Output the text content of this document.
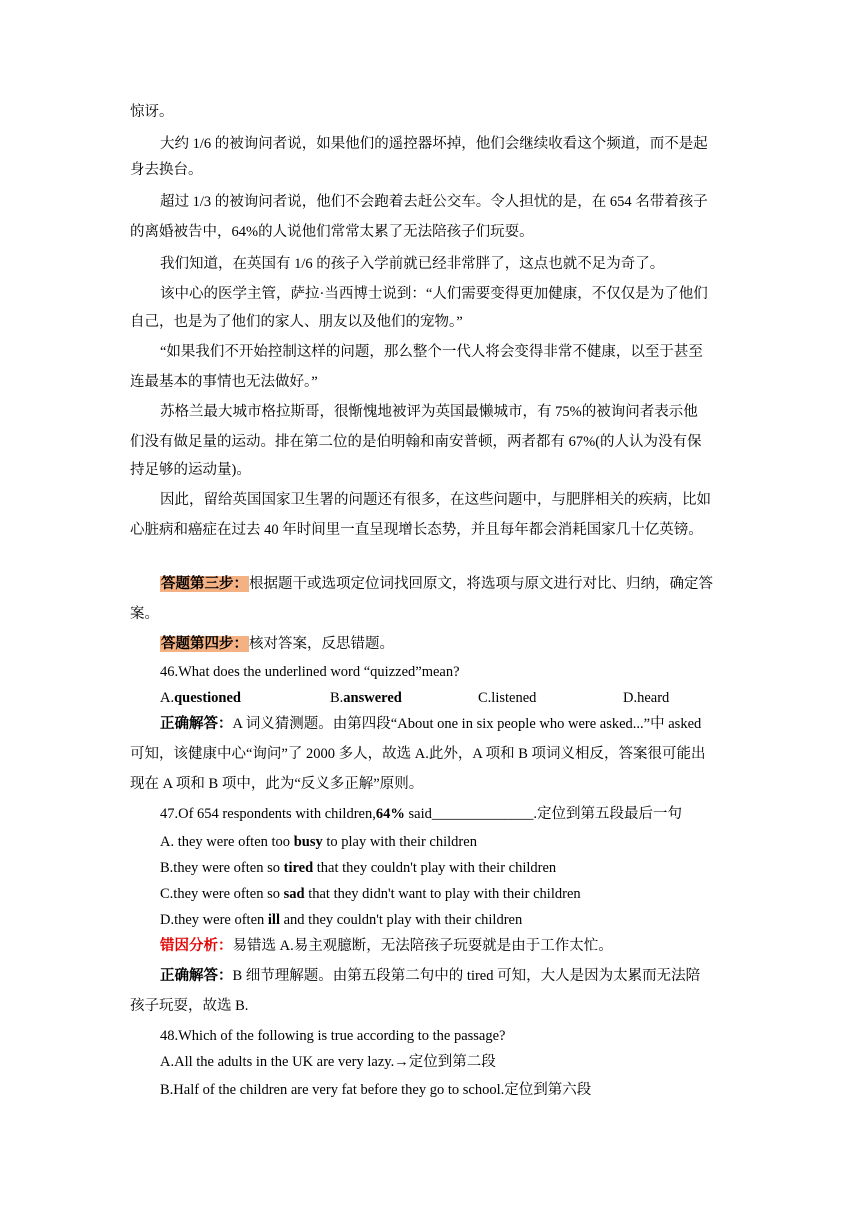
惊讶。
大约 1/6 的被询问者说，如果他们的遥控器坏掉，他们会继续收看这个频道，而不是起
身去换台。
超过 1/3 的被询问者说，他们不会跑着去赶公交车。令人担忧的是，在 654 名带着孩子
的离婚被告中，64%的人说他们常常太累了无法陪孩子们玩耍。
我们知道，在英国有 1/6 的孩子入学前就已经非常胖了，这点也就不足为奇了。
该中心的医学主管，萨拉·当西博士说到：“人们需要变得更加健康，不仅仅是为了他们
自己，也是为了他们的家人、朋友以及他们的宠物。”
“如果我们不开始控制这样的问题，那么整个一代人将会变得非常不健康，以至于甚至
连最基本的事情也无法做好。”
苏格兰最大城市格拉斯哥，很惭愧地被评为英国最懒城市，有 75%的被询问者表示他
们没有做足量的运动。排在第二位的是伯明翰和南安普顿，两者都有 67%(的人认为没有保
持足够的运动量)。
因此，留给英国国家卫生署的问题还有很多，在这些问题中，与肥胖相关的疾病，比如
心脏病和癌症在过去 40 年时间里一直呈现增长态势，并且每年都会消耗国家几十亿英镑。
答题第三步：根据题干或选项定位词找回原文，将选项与原文进行对比、归纳，确定答
案。
答题第四步：核对答案，反思错题。
46.What does the underlined word “quizzed”mean?
A.questioned	B.answered	C.listened	D.heard
正确解答：A 词义猜测题。由第四段“About one in six people who were asked...”中 asked
可知，该健康中心“询问”了 2000 多人，故选 A.此外，A 项和 B 项词义相反，答案很可能出
现在 A 项和 B 项中，此为“反义多正解”原则。
47.Of 654 respondents with children,64% said______________.定位到第五段最后一句
A. they were often too busy to play with their children
B.they were often so tired that they couldn't play with their children
C.they were often so sad that they didn't want to play with their children
D.they were often ill and they couldn't play with their children
错因分析：易错选 A.易主观臆断，无法陪孩子玩耍就是由于工作太忙。
正确解答：B 细节理解题。由第五段第二句中的 tired 可知，大人是因为太累而无法陪
孩子玩耍，故选 B.
48.Which of the following is true according to the passage?
A.All the adults in the UK are very lazy.→定位到第二段
B.Half of the children are very fat before they go to school.定位到第六段
